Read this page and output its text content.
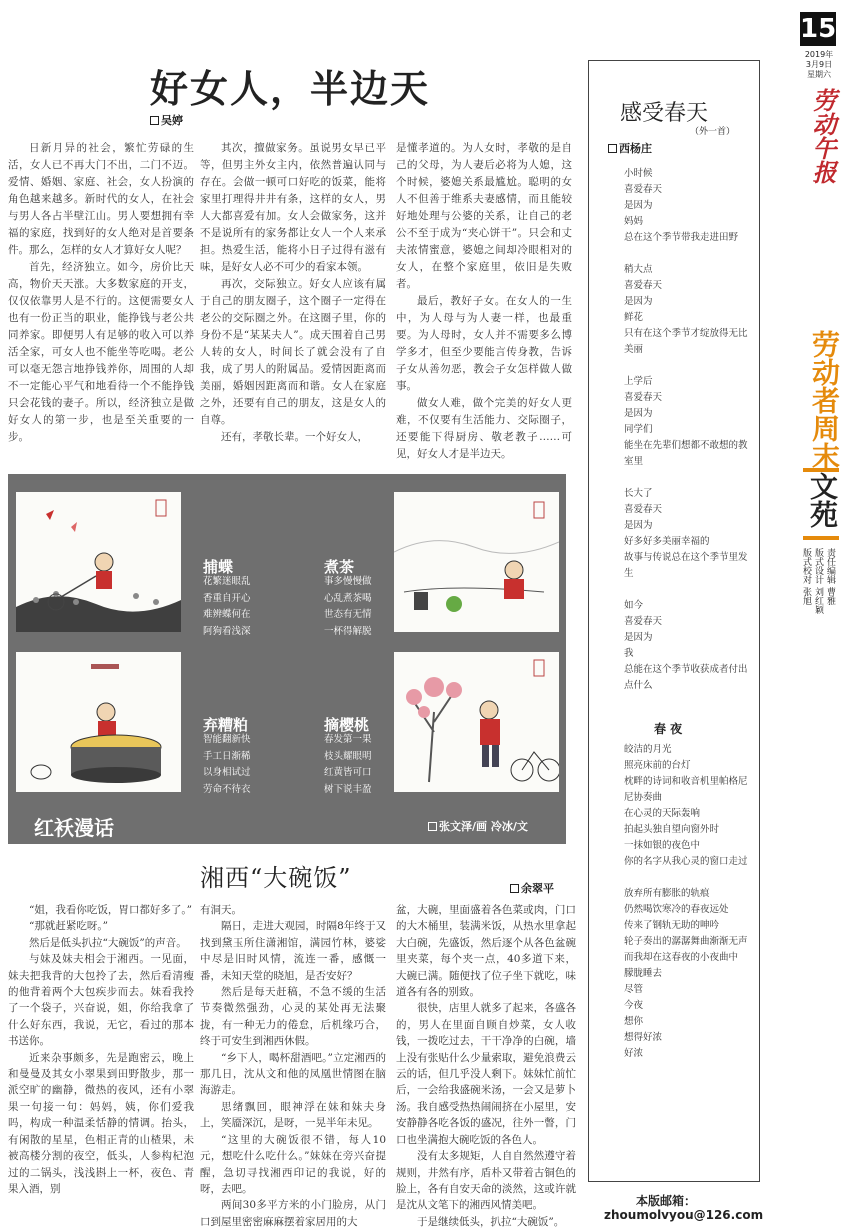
15
2019年
3月9日
星期六
劳动午报
劳动者周末
文苑
责任编辑 曹雅
版式设计 刘红颖
版式校对 张旭
好女人，半边天
吴婷

日新月异的社会，繁忙劳碌的生活，女人已不再大门不出，二门不迈。爱情、婚姻、家庭、社会，女人扮演的角色越来越多。新时代的女人，在社会与男人各占半壁江山。男人要想拥有幸福的家庭，找到好的女人绝对是首要条件。那么，怎样的女人才算好女人呢？

首先，经济独立。如今，房价比天高，物价天天涨。大多数家庭的开支，仅仅依靠男人是不行的。这便需要女人也有一份正当的职业，能挣钱与老公共同养家。即便男人有足够的收入可以养活全家，可女人也不能坐等吃喝。老公可以毫无怨言地挣钱养你，周围的人却不一定能心平气和地看待一个不能挣钱只会花钱的妻子。所以，经济独立是做好女人的第一步，也是至关重要的一步。

其次，擅做家务。虽说男女早已平等，但男主外女主内，依然普遍认同与存在。会做一顿可口好吃的饭菜，能将家里打理得井井有条，这样的女人，男人大都喜爱有加。女人会做家务，这并不是说所有的家务都让女人一个人来承担。热爱生活，能将小日子过得有滋有味，是好女人必不可少的看家本领。

再次，交际独立。好女人应该有属于自己的朋友圈子，这个圈子一定得在老公的交际圈之外。在这圈子里，你的身份不是“某某夫人”。成天围着自己男人转的女人，时间长了就会没有了自我，成了男人的附属品。爱情因距离而美丽，婚姻因距离而和谐。女人在家庭之外，还要有自己的朋友，这是女人的自尊。

还有，孝敬长辈。一个好女人，

是懂孝道的。为人女时，孝敬的是自己的父母，为人妻后必将为人媳，这个时候，婆媳关系最尴尬。聪明的女人不但善于维系夫妻感情，而且能较好地处理与公婆的关系，让自己的老公不至于成为“夹心饼干”。只会和丈夫浓情蜜意，婆媳之间却冷眼相对的女人，在整个家庭里，依旧是失败者。

最后，教好子女。在女人的一生中，为人母与为人妻一样，也最重要。为人母时，女人并不需要多么博学多才，但至少要能言传身教，告诉子女从善勿恶，教会子女怎样做人做事。

做女人难，做个完美的好女人更难，不仅要有生活能力、交际圈子，还要能下得厨房、敬老教子……可见，好女人才是半边天。

捕蝶
花繁迷眼乱
香重自开心
难辨蝶何在
阿狗看浅深
煮茶
事多慢慢做
心乱煮茶喝
世态有无情
一杯得解脱
弃糟粕
智能翻新快
手工日渐稀
以身相试过
劳命不待衣
摘樱桃
春发第一果
枝头耀眼明
红黄皆可口
树下说丰盈
红袄漫话	张文泽/画 冷冰/文
湘西“大碗饭”	余翠平

“姐，我看你吃饭，胃口都好多了。”

“那就赶紧吃呀。”

然后是低头扒拉“大碗饭”的声音。

与妹及妹夫相会于湘西。一见面，妹夫把我背的大包拎了去，然后看清瘦的他背着两个大包疾步而去。妹看我拎了一个袋子，兴奋说，姐，你给我拿了什么好东西，我说，无它，看过的那本书送你。

近来杂事颇多，先是跑密云，晚上和曼曼及其女小翠果到田野散步，那一派空旷的幽静，微热的夜风，还有小翠果一句接一句：妈妈，姨，你们爱我吗，构成一种温柔恬静的情调。抬头，有闲散的星星，色相正青的山楂果，未被高楼分割的夜空，低头，人参构杞泡过的二锅头，浅浅斟上一杯，夜色、青果入酒，别

有洞天。

隔日，走进大观园，时隔8年终于又找到黛玉所住潇湘馆，满园竹林，婆娑中尽是旧时风情，流连一番，感慨一番，未知天堂的晓旭，是否安好？

然后是每天赶稿，不急不缓的生活节奏微然强劲，心灵的某处再无法聚拢，有一种无力的倦怠，后机缘巧合，终于可安生到湘西休假。

“乡下人，喝杯甜酒吧。”立定湘西的那几日，沈从文和他的凤凰世情图在脑海游走。

思绪飘回，眼神浮在妹和妹夫身上，笑靥深沉，是呀，一晃半年未见。

“这里的大碗饭很不错，每人10元，想吃什么吃什么。”妹妹在旁兴奋提醒，急切寻找湘西印记的我说，好的呀，去吧。

两间30多平方米的小门脸房，从门口到屋里密密麻麻摆着家居用的大

盆，大碗，里面盛着各色菜或肉，门口的大木桶里，装满米饭，从热水里拿起大白碗，先盛饭，然后逐个从各色盆碗里夹菜，每个夹一点，40多道下来，大碗已满。随便找了位子坐下就吃，味道各有各的别致。

很快，店里人就多了起来，各盛各的，男人在里面自顾自炒菜，女人收钱，一拨吃过去，干干净净的白碗，墙上没有张贴什么少量索取，避免浪费云云的话，但几乎没人剩下。妹妹忙前忙后，一会给我盛碗米汤，一会又是萝卜汤。我自感受热热闹闹挤在小屋里，安安静静各吃各饭的盛况，往外一瞥，门口也坐满抱大碗吃饭的各色人。

没有太多规矩，人自自然然遵守着规则，井然有序，盾朴又带着古铜色的脸上，各有自安天命的淡然，这或许就是沈从文笔下的湘西风情美吧。

于是继续低头，扒拉“大碗饭”。

感受春天
（外一首）
西杨庄
小时候
喜爱春天
是因为
妈妈
总在这个季节带我走进田野
稍大点
喜爱春天
是因为
鲜花
只有在这个季节才绽放得无比美丽
上学后
喜爱春天
是因为
同学们
能坐在先辈们想都不敢想的教室里
长大了
喜爱春天
是因为
好多好多美丽幸福的
故事与传说总在这个季节里发生
如今
喜爱春天
是因为
我
总能在这个季节收获成者付出点什么
春 夜
皎洁的月光
照亮床前的台灯
枕畔的诗词和收音机里帕格尼尼协奏曲
在心灵的天际轰响
拍起头独自望向窗外时
一抹如银的夜色中
你的名字从我心灵的窗口走过
放弃所有膨胀的轨痕
仍然喝饮寒冷的春夜远处
传来了钢轨无助的呻吟
轮子奏出的潺潺舞曲渐渐无声
而我却在这春夜的小夜曲中
朦胧睡去
尽管
今夜
想你
想得好浓
好浓
本版邮箱：
zhoumolvyou@126.com
